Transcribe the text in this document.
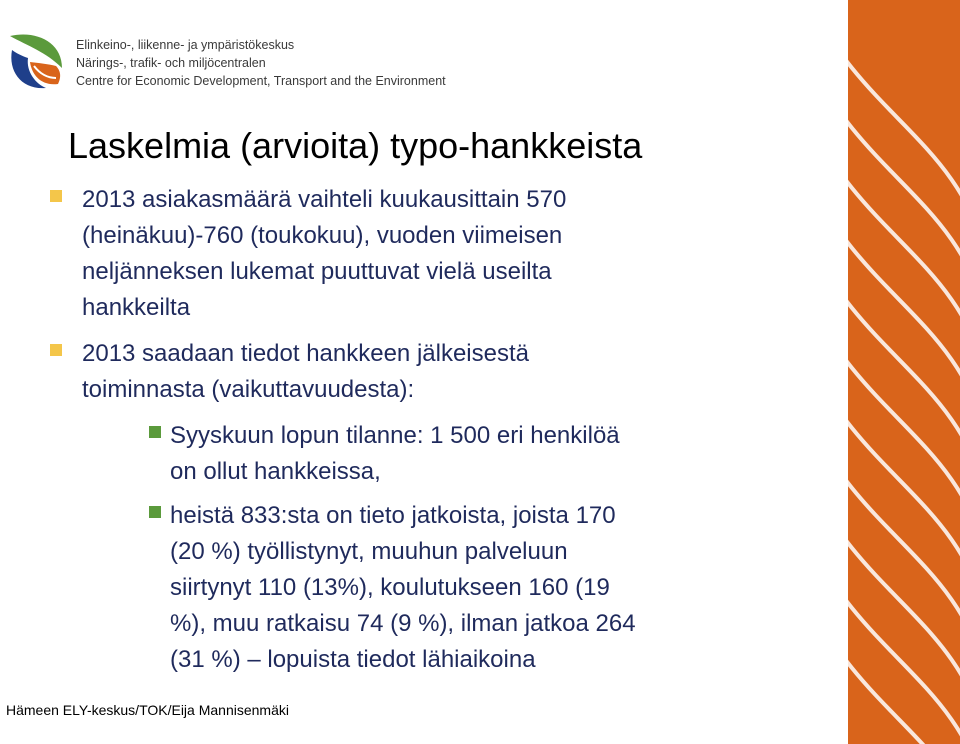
Elinkeino-, liikenne- ja ympäristökeskus
Närings-, trafik- och miljöcentralen
Centre for Economic Development, Transport and the Environment
Laskelmia (arvioita) typo-hankkeista
2013 asiakasmäärä vaihteli kuukausittain 570
(heinäkuu)-760 (toukokuu), vuoden viimeisen
neljänneksen lukemat puuttuvat vielä useilta
hankkeilta
2013 saadaan tiedot hankkeen jälkeisestä
toiminnasta (vaikuttavuudesta):
Syyskuun lopun tilanne: 1 500 eri henkilöä
on ollut hankkeissa,
heistä 833:sta on tieto jatkoista, joista 170
(20 %) työllistynyt, muuhun palveluun
siirtynyt 110 (13%), koulutukseen 160 (19
%), muu ratkaisu 74 (9 %), ilman jatkoa 264
(31 %) – lopuista tiedot lähiaikoina
Hämeen ELY-keskus/TOK/Eija Mannisenmäki
